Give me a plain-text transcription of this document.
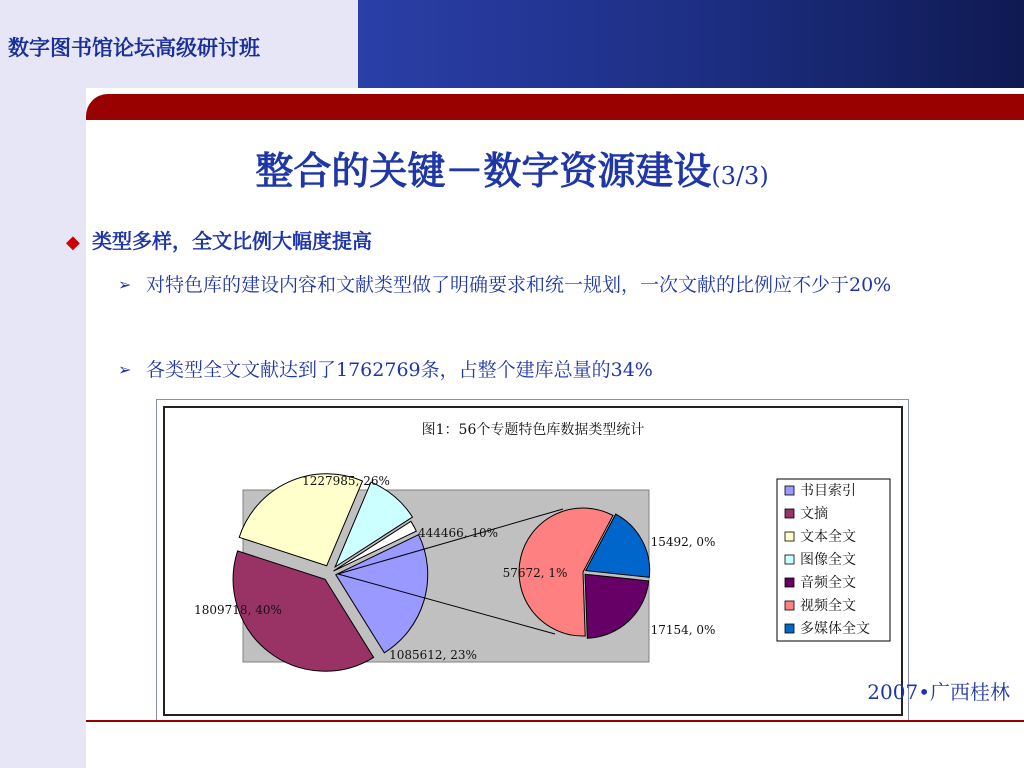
数字图书馆论坛高级研讨班
整合的关键－数字资源建设(3/3)
◆ 类型多样，全文比例大幅度提高
➢ 对特色库的建设内容和文献类型做了明确要求和统一规划，一次文献的比例应不少于20%
➢ 各类型全文文献达到了1762769条，占整个建库总量的34%
图1：56个专题特色库数据类型统计
1227985, 26%
444466, 10%
1085612, 23%
1809718, 40%
15492, 0%
17154, 0%
57672, 1%
书目索引
文摘
文本全文
图像全文
音频全文
视频全文
多媒体全文
2007•广西桂林
